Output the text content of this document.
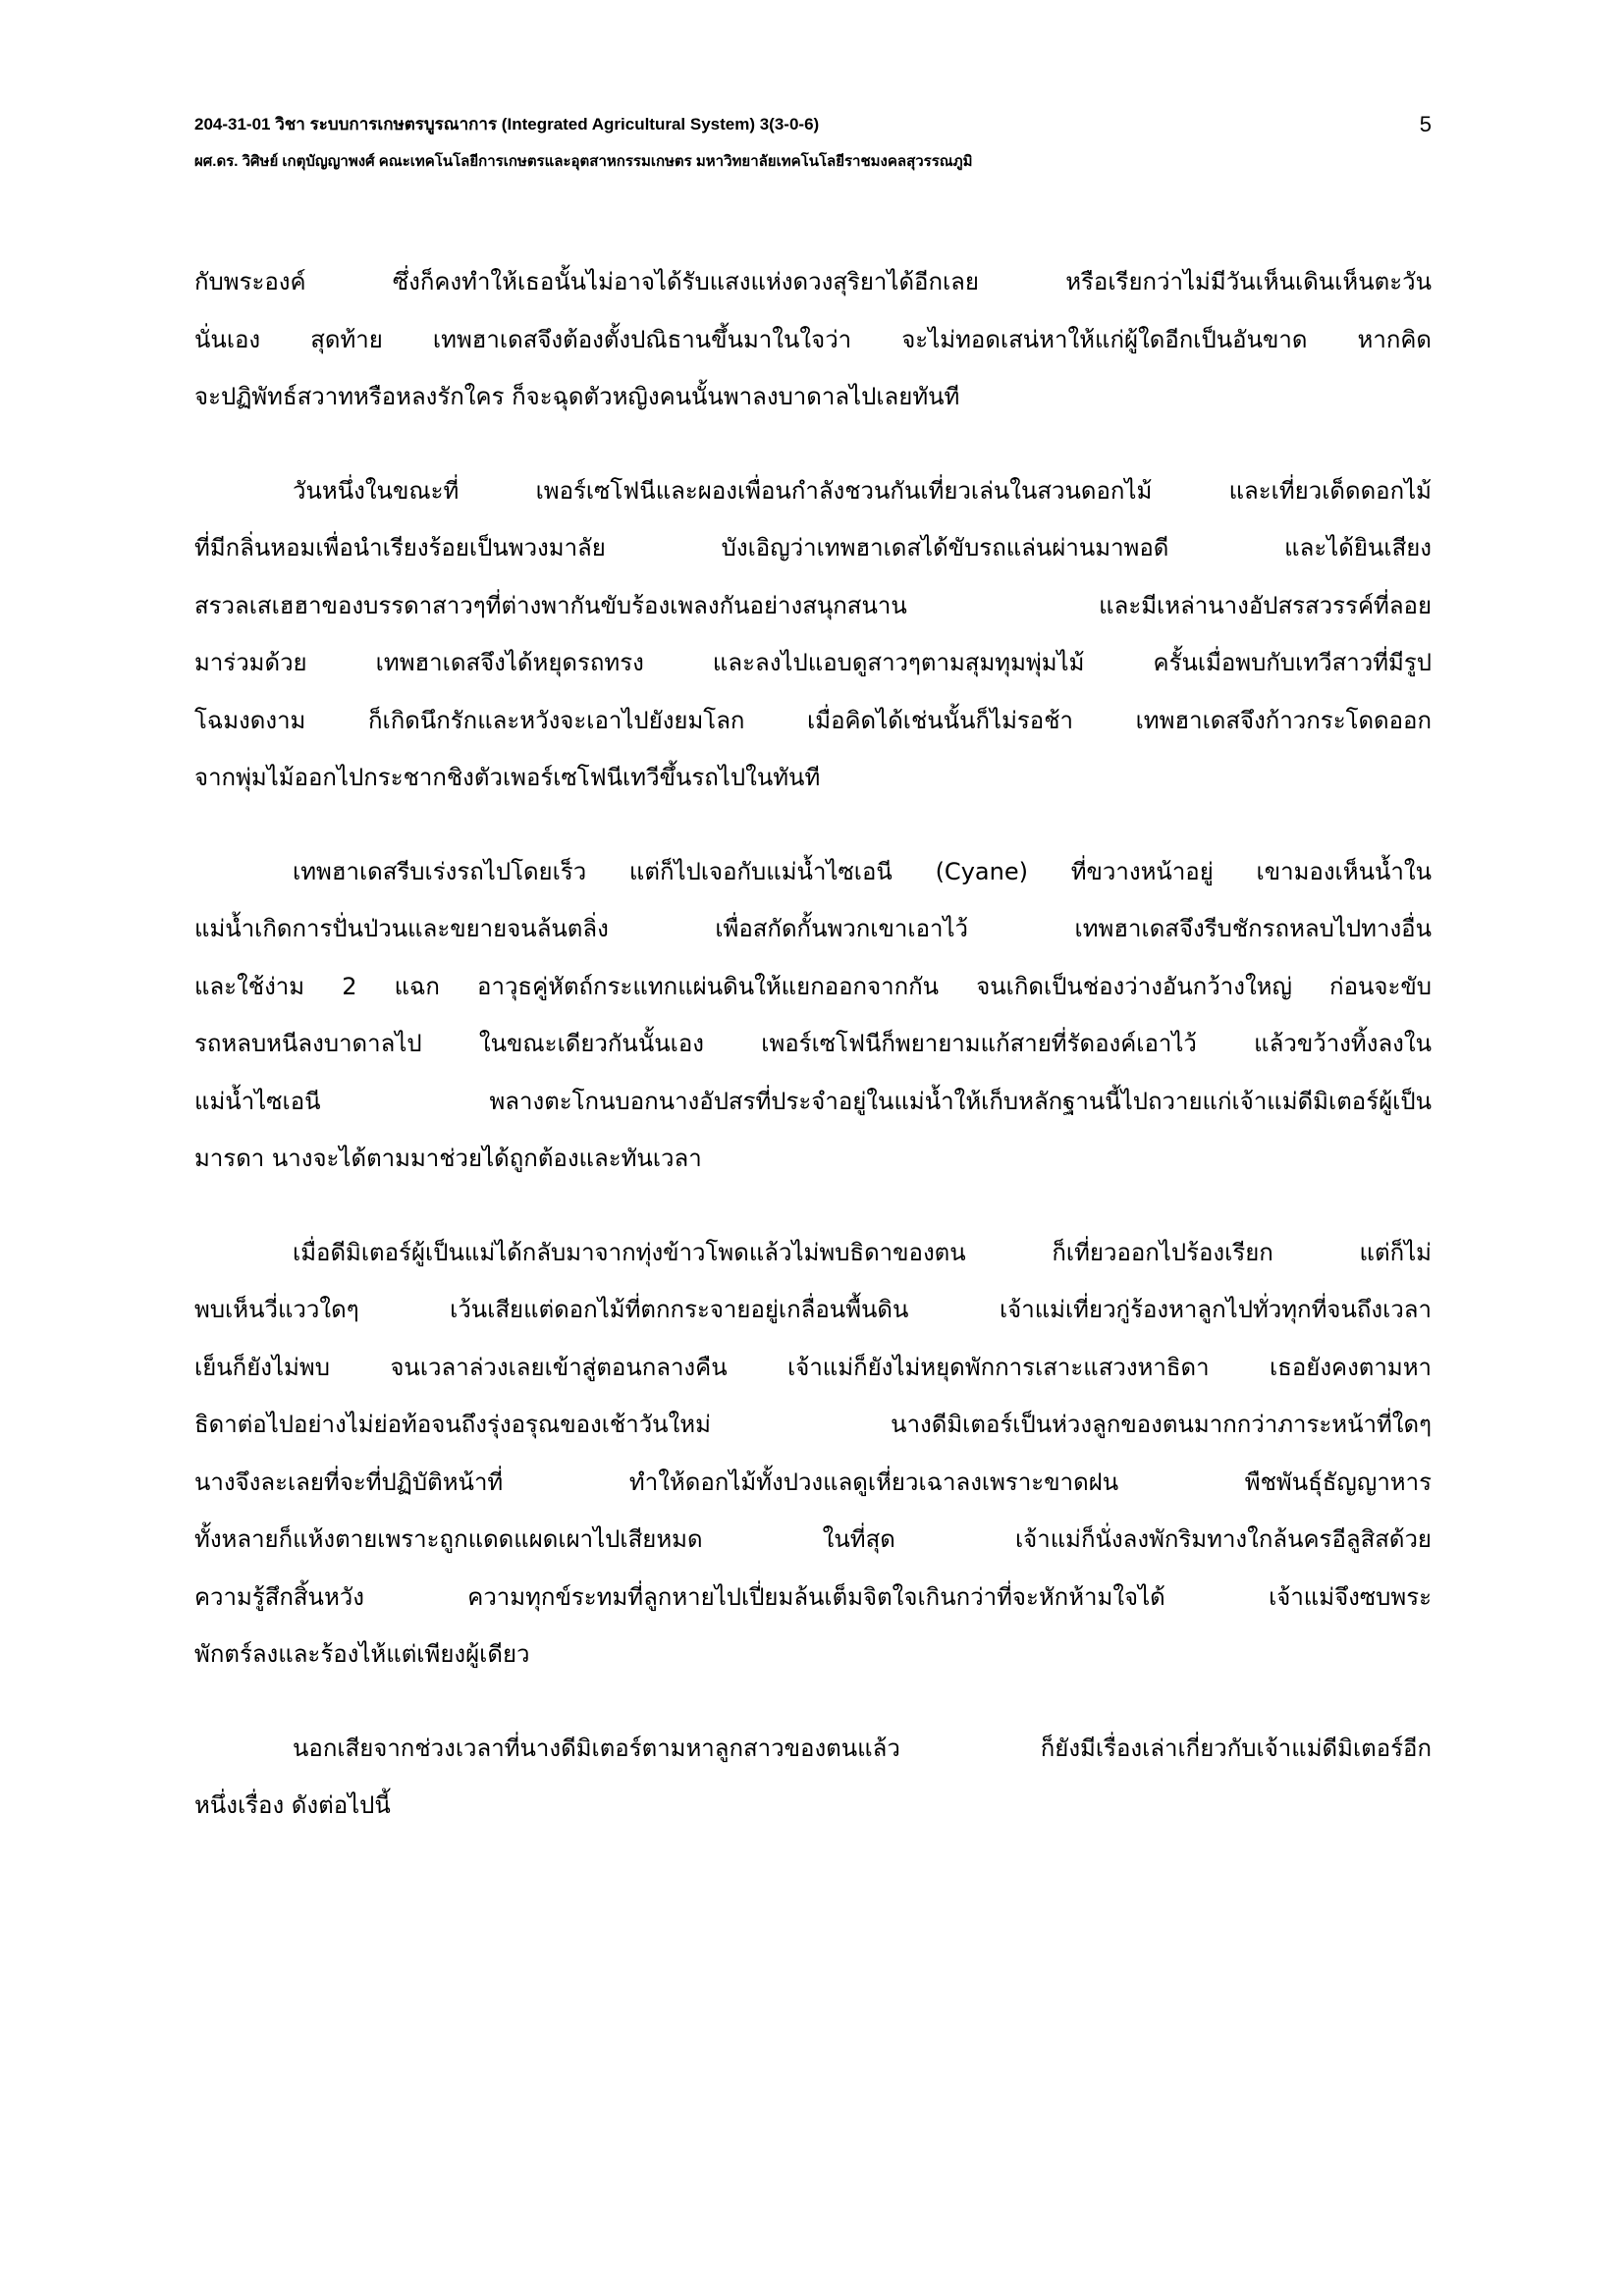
204-31-01 วิชา ระบบการเกษตรบูรณาการ (Integrated Agricultural System) 3(3-0-6)
ผศ.ดร. วิศิษย์ เกตุบัญญาพงศ์ คณะเทคโนโลยีการเกษตรและอุตสาหกรรมเกษตร มหาวิทยาลัยเทคโนโลยีราชมงคลสุวรรณภูมิ
5
กับพระองค์ ซึ่งก็คงทำให้เธอนั้นไม่อาจได้รับแสงแห่งดวงสุริยาได้อีกเลย หรือเรียกว่าไม่มีวันเห็นเดินเห็นตะวัน
นั่นเอง สุดท้าย เทพฮาเดสจึงต้องตั้งปณิธานขึ้นมาในใจว่า จะไม่ทอดเสน่หาให้แก่ผู้ใดอีกเป็นอันขาด หากคิด
จะปฏิพัทธ์สวาทหรือหลงรักใคร ก็จะฉุดตัวหญิงคนนั้นพาลงบาดาลไปเลยทันที
วันหนึ่งในขณะที่ เพอร์เซโฟนีและผองเพื่อนกำลังชวนกันเที่ยวเล่นในสวนดอกไม้ และเที่ยวเด็ดดอกไม้
ที่มีกลิ่นหอมเพื่อนำเรียงร้อยเป็นพวงมาลัย บังเอิญว่าเทพฮาเดสได้ขับรถแล่นผ่านมาพอดี และได้ยินเสียง
สรวลเสเฮฮาของบรรดาสาวๆที่ต่างพากันขับร้องเพลงกันอย่างสนุกสนาน และมีเหล่านางอัปสรสวรรค์ที่ลอย
มาร่วมด้วย เทพฮาเดสจึงได้หยุดรถทรง และลงไปแอบดูสาวๆตามสุมทุมพุ่มไม้ ครั้นเมื่อพบกับเทวีสาวที่มีรูป
โฉมงดงาม ก็เกิดนึกรักและหวังจะเอาไปยังยมโลก เมื่อคิดได้เช่นนั้นก็ไม่รอช้า เทพฮาเดสจึงก้าวกระโดดออก
จากพุ่มไม้ออกไปกระชากชิงตัวเพอร์เซโฟนีเทวีขึ้นรถไปในทันที
เทพฮาเดสรีบเร่งรถไปโดยเร็ว แต่ก็ไปเจอกับแม่น้ำไซเอนี (Cyane) ที่ขวางหน้าอยู่ เขามองเห็นน้ำใน
แม่น้ำเกิดการปั่นป่วนและขยายจนล้นตลิ่ง เพื่อสกัดกั้นพวกเขาเอาไว้ เทพฮาเดสจึงรีบชักรถหลบไปทางอื่น
และใช้ง่าม 2 แฉก อาวุธคู่หัตถ์กระแทกแผ่นดินให้แยกออกจากกัน จนเกิดเป็นช่องว่างอันกว้างใหญ่ ก่อนจะขับ
รถหลบหนีลงบาดาลไป ในขณะเดียวกันนั้นเอง เพอร์เซโฟนีก็พยายามแก้สายที่รัดองค์เอาไว้ แล้วขว้างทิ้งลงใน
แม่น้ำไซเอนี พลางตะโกนบอกนางอัปสรที่ประจำอยู่ในแม่น้ำให้เก็บหลักฐานนี้ไปถวายแก่เจ้าแม่ดีมิเตอร์ผู้เป็น
มารดา นางจะได้ตามมาช่วยได้ถูกต้องและทันเวลา
เมื่อดีมิเตอร์ผู้เป็นแม่ได้กลับมาจากทุ่งข้าวโพดแล้วไม่พบธิดาของตน ก็เที่ยวออกไปร้องเรียก แต่ก็ไม่
พบเห็นวี่แววใดๆ เว้นเสียแต่ดอกไม้ที่ตกกระจายอยู่เกลื่อนพื้นดิน เจ้าแม่เที่ยวกู่ร้องหาลูกไปทั่วทุกที่จนถึงเวลา
เย็นก็ยังไม่พบ จนเวลาล่วงเลยเข้าสู่ตอนกลางคืน เจ้าแม่ก็ยังไม่หยุดพักการเสาะแสวงหาธิดา เธอยังคงตามหา
ธิดาต่อไปอย่างไม่ย่อท้อจนถึงรุ่งอรุณของเช้าวันใหม่ นางดีมิเตอร์เป็นห่วงลูกของตนมากกว่าภาระหน้าที่ใดๆ
นางจึงละเลยที่จะที่ปฏิบัติหน้าที่ ทำให้ดอกไม้ทั้งปวงแลดูเหี่ยวเฉาลงเพราะขาดฝน พืชพันธุ์ธัญญาหาร
ทั้งหลายก็แห้งตายเพราะถูกแดดแผดเผาไปเสียหมด ในที่สุด เจ้าแม่ก็นั่งลงพักริมทางใกล้นครอีลูสิสด้วย
ความรู้สึกสิ้นหวัง ความทุกข์ระทมที่ลูกหายไปเปี่ยมล้นเต็มจิตใจเกินกว่าที่จะหักห้ามใจได้ เจ้าแม่จึงซบพระ
พักตร์ลงและร้องไห้แต่เพียงผู้เดียว
นอกเสียจากช่วงเวลาที่นางดีมิเตอร์ตามหาลูกสาวของตนแล้ว ก็ยังมีเรื่องเล่าเกี่ยวกับเจ้าแม่ดีมิเตอร์อีก
หนึ่งเรื่อง ดังต่อไปนี้
